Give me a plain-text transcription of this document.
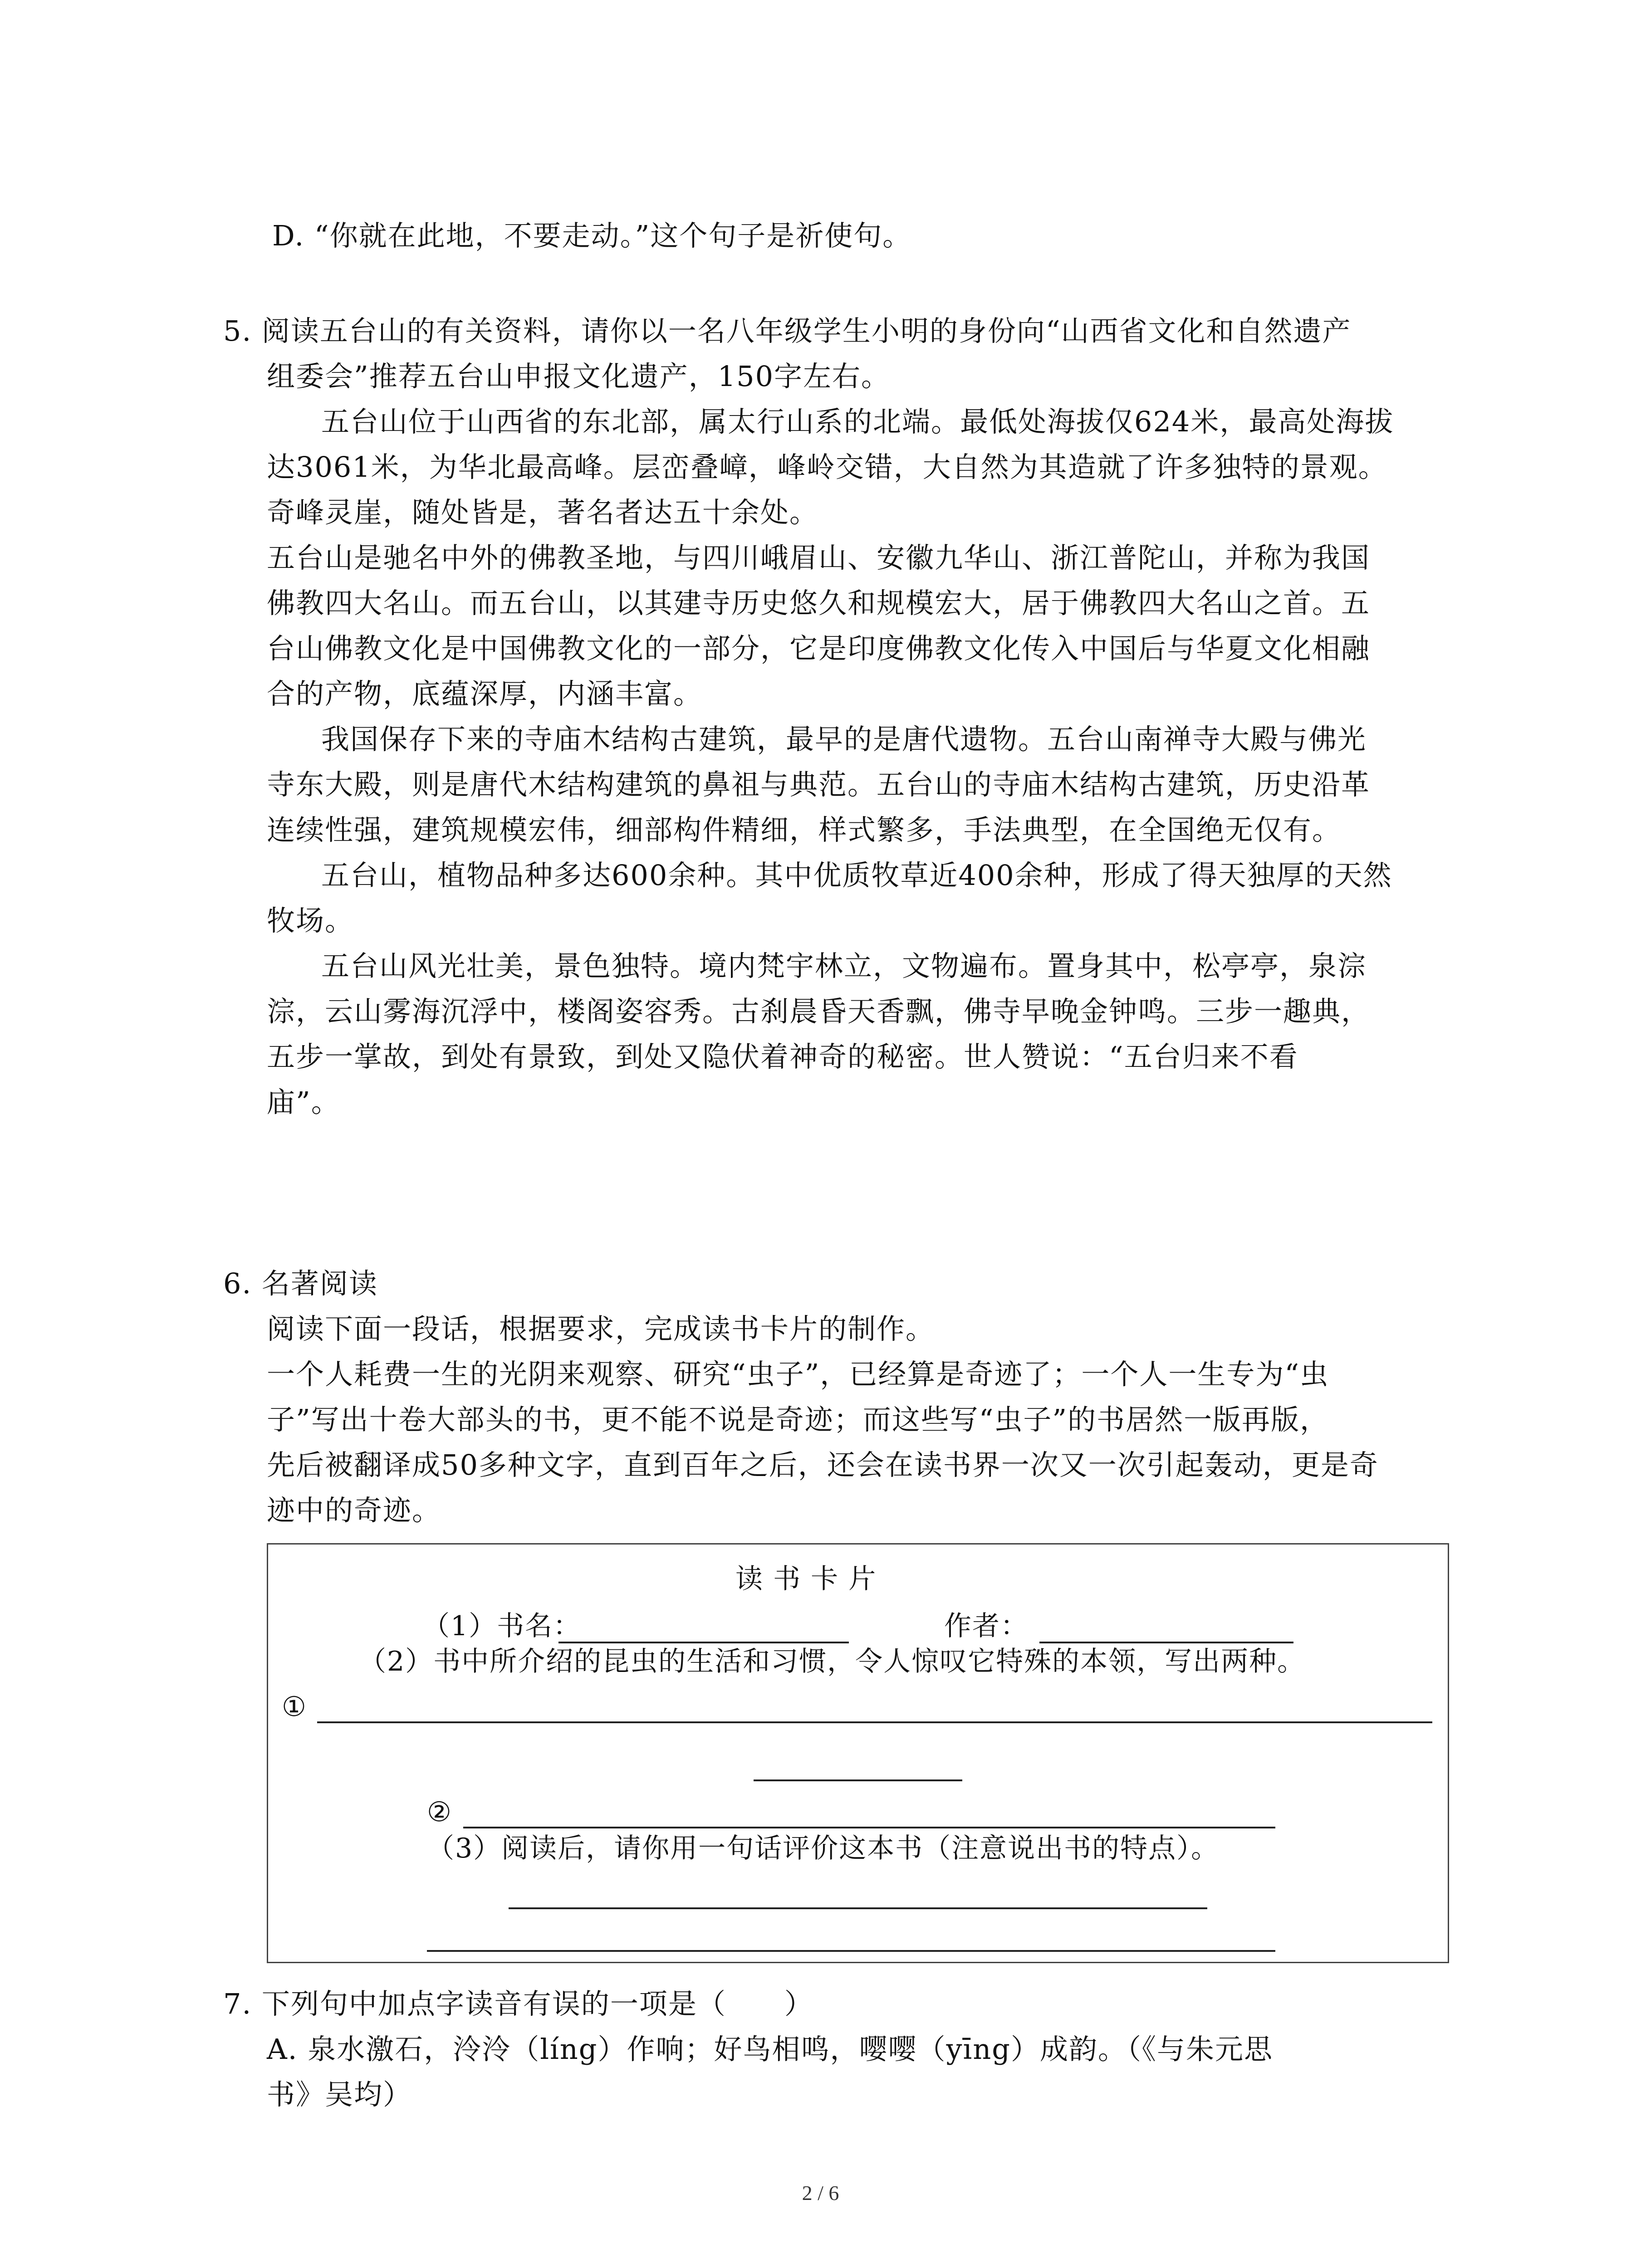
D. “你就在此地，不要走动。”这个句子是祈使句。
5. 阅读五台山的有关资料，请你以一名八年级学生小明的身份向“山西省文化和自然遗产
组委会”推荐五台山申报文化遗产，150字左右。
五台山位于山西省的东北部，属太行山系的北端。最低处海拔仅624米，最高处海拔
达3061米，为华北最高峰。层峦叠嶂，峰岭交错，大自然为其造就了许多独特的景观。
奇峰灵崖，随处皆是，著名者达五十余处。
五台山是驰名中外的佛教圣地，与四川峨眉山、安徽九华山、浙江普陀山，并称为我国
佛教四大名山。而五台山，以其建寺历史悠久和规模宏大，居于佛教四大名山之首。五
台山佛教文化是中国佛教文化的一部分，它是印度佛教文化传入中国后与华夏文化相融
合的产物，底蕴深厚，内涵丰富。
我国保存下来的寺庙木结构古建筑，最早的是唐代遗物。五台山南禅寺大殿与佛光
寺东大殿，则是唐代木结构建筑的鼻祖与典范。五台山的寺庙木结构古建筑，历史沿革
连续性强，建筑规模宏伟，细部构件精细，样式繁多，手法典型，在全国绝无仅有。
五台山，植物品种多达600余种。其中优质牧草近400余种，形成了得天独厚的天然
牧场。
五台山风光壮美，景色独特。境内梵宇林立，文物遍布。置身其中，松亭亭，泉淙
淙，云山雾海沉浮中，楼阁姿容秀。古刹晨昏天香飘，佛寺早晚金钟鸣。三步一趣典，
五步一掌故，到处有景致，到处又隐伏着神奇的秘密。世人赞说：“五台归来不看
庙”。
6. 名著阅读
阅读下面一段话，根据要求，完成读书卡片的制作。
一个人耗费一生的光阴来观察、研究“虫子”，已经算是奇迹了；一个人一生专为“虫
子”写出十卷大部头的书，更不能不说是奇迹；而这些写“虫子”的书居然一版再版，
先后被翻译成50多种文字，直到百年之后，还会在读书界一次又一次引起轰动，更是奇
迹中的奇迹。
读 书 卡 片
（1）书名：	作者：
（2）书中所介绍的昆虫的生活和习惯，令人惊叹它特殊的本领，写出两种。
①
②
（3）阅读后，请你用一句话评价这本书（注意说出书的特点）。
7. 下列句中加点字读音有误的一项是（　　）
A. 泉水激石，泠泠（líng）作响；好鸟相鸣，嘤嘤（yīng）成韵。（《与朱元思
书》吴均）
2 / 6
